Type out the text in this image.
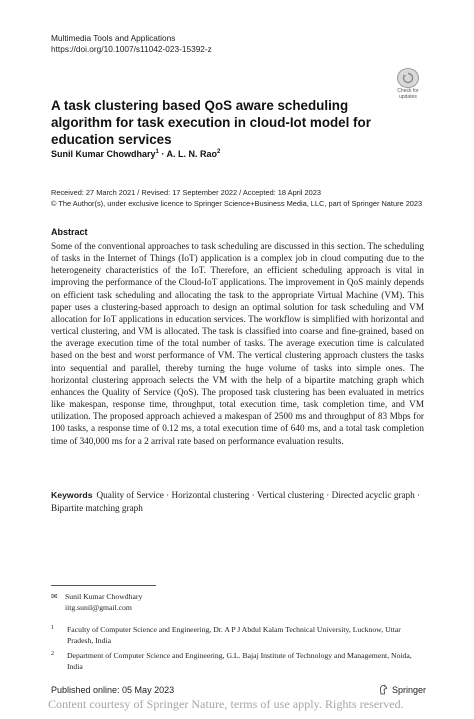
Multimedia Tools and Applications
https://doi.org/10.1007/s11042-023-15392-z
Check for
updates
A task clustering based QoS aware scheduling algorithm for task execution in cloud-Iot model for education services
Sunil Kumar Chowdhary$^1$ · A. L. N. Rao$^2$
Received: 27 March 2021 / Revised: 17 September 2022 / Accepted: 18 April 2023
© The Author(s), under exclusive licence to Springer Science+Business Media, LLC, part of Springer Nature 2023
Abstract
Some of the conventional approaches to task scheduling are discussed in this section. The scheduling of tasks in the Internet of Things (IoT) application is a complex job in cloud computing due to the heterogeneity characteristics of the IoT. Therefore, an efficient scheduling approach is vital in improving the performance of the Cloud-IoT applications. The improvement in QoS mainly depends on efficient task scheduling and allocating the task to the appropriate Virtual Machine (VM). This paper uses a clustering-based approach to design an optimal solution for task scheduling and VM allocation for IoT applications in education services. The workflow is simplified with horizontal and vertical clustering, and VM is allocated. The task is classified into coarse and fine-grained, based on the average execution time of the total number of tasks. The average execution time is calculated based on the best and worst performance of VM. The vertical clustering approach clusters the tasks into sequential and parallel, thereby turning the huge volume of tasks into simple ones. The horizontal clustering approach selects the VM with the help of a bipartite matching graph which enhances the Quality of Service (QoS). The proposed task clustering has been evaluated in metrics like makespan, response time, throughput, total execution time, task completion time, and VM utilization. The proposed approach achieved a makespan of 2500 ms and throughput of 83 Mbps for 100 tasks, a response time of 0.12 ms, a total execution time of 640 ms, and a total task completion time of 340,000 ms for a 2 arrival rate based on performance evaluation results.
Keywords Quality of Service · Horizontal clustering · Vertical clustering · Directed acyclic graph · Bipartite matching graph
✉ Sunil Kumar Chowdhary
iitg.sunil@gmail.com
1 Faculty of Computer Science and Engineering, Dr. A P J Abdul Kalam Technical University, Lucknow, Uttar Pradesh, India
2 Department of Computer Science and Engineering, G.L. Bajaj Institute of Technology and Management, Noida, India
Published online: 05 May 2023	Springer
Content courtesy of Springer Nature, terms of use apply. Rights reserved.
